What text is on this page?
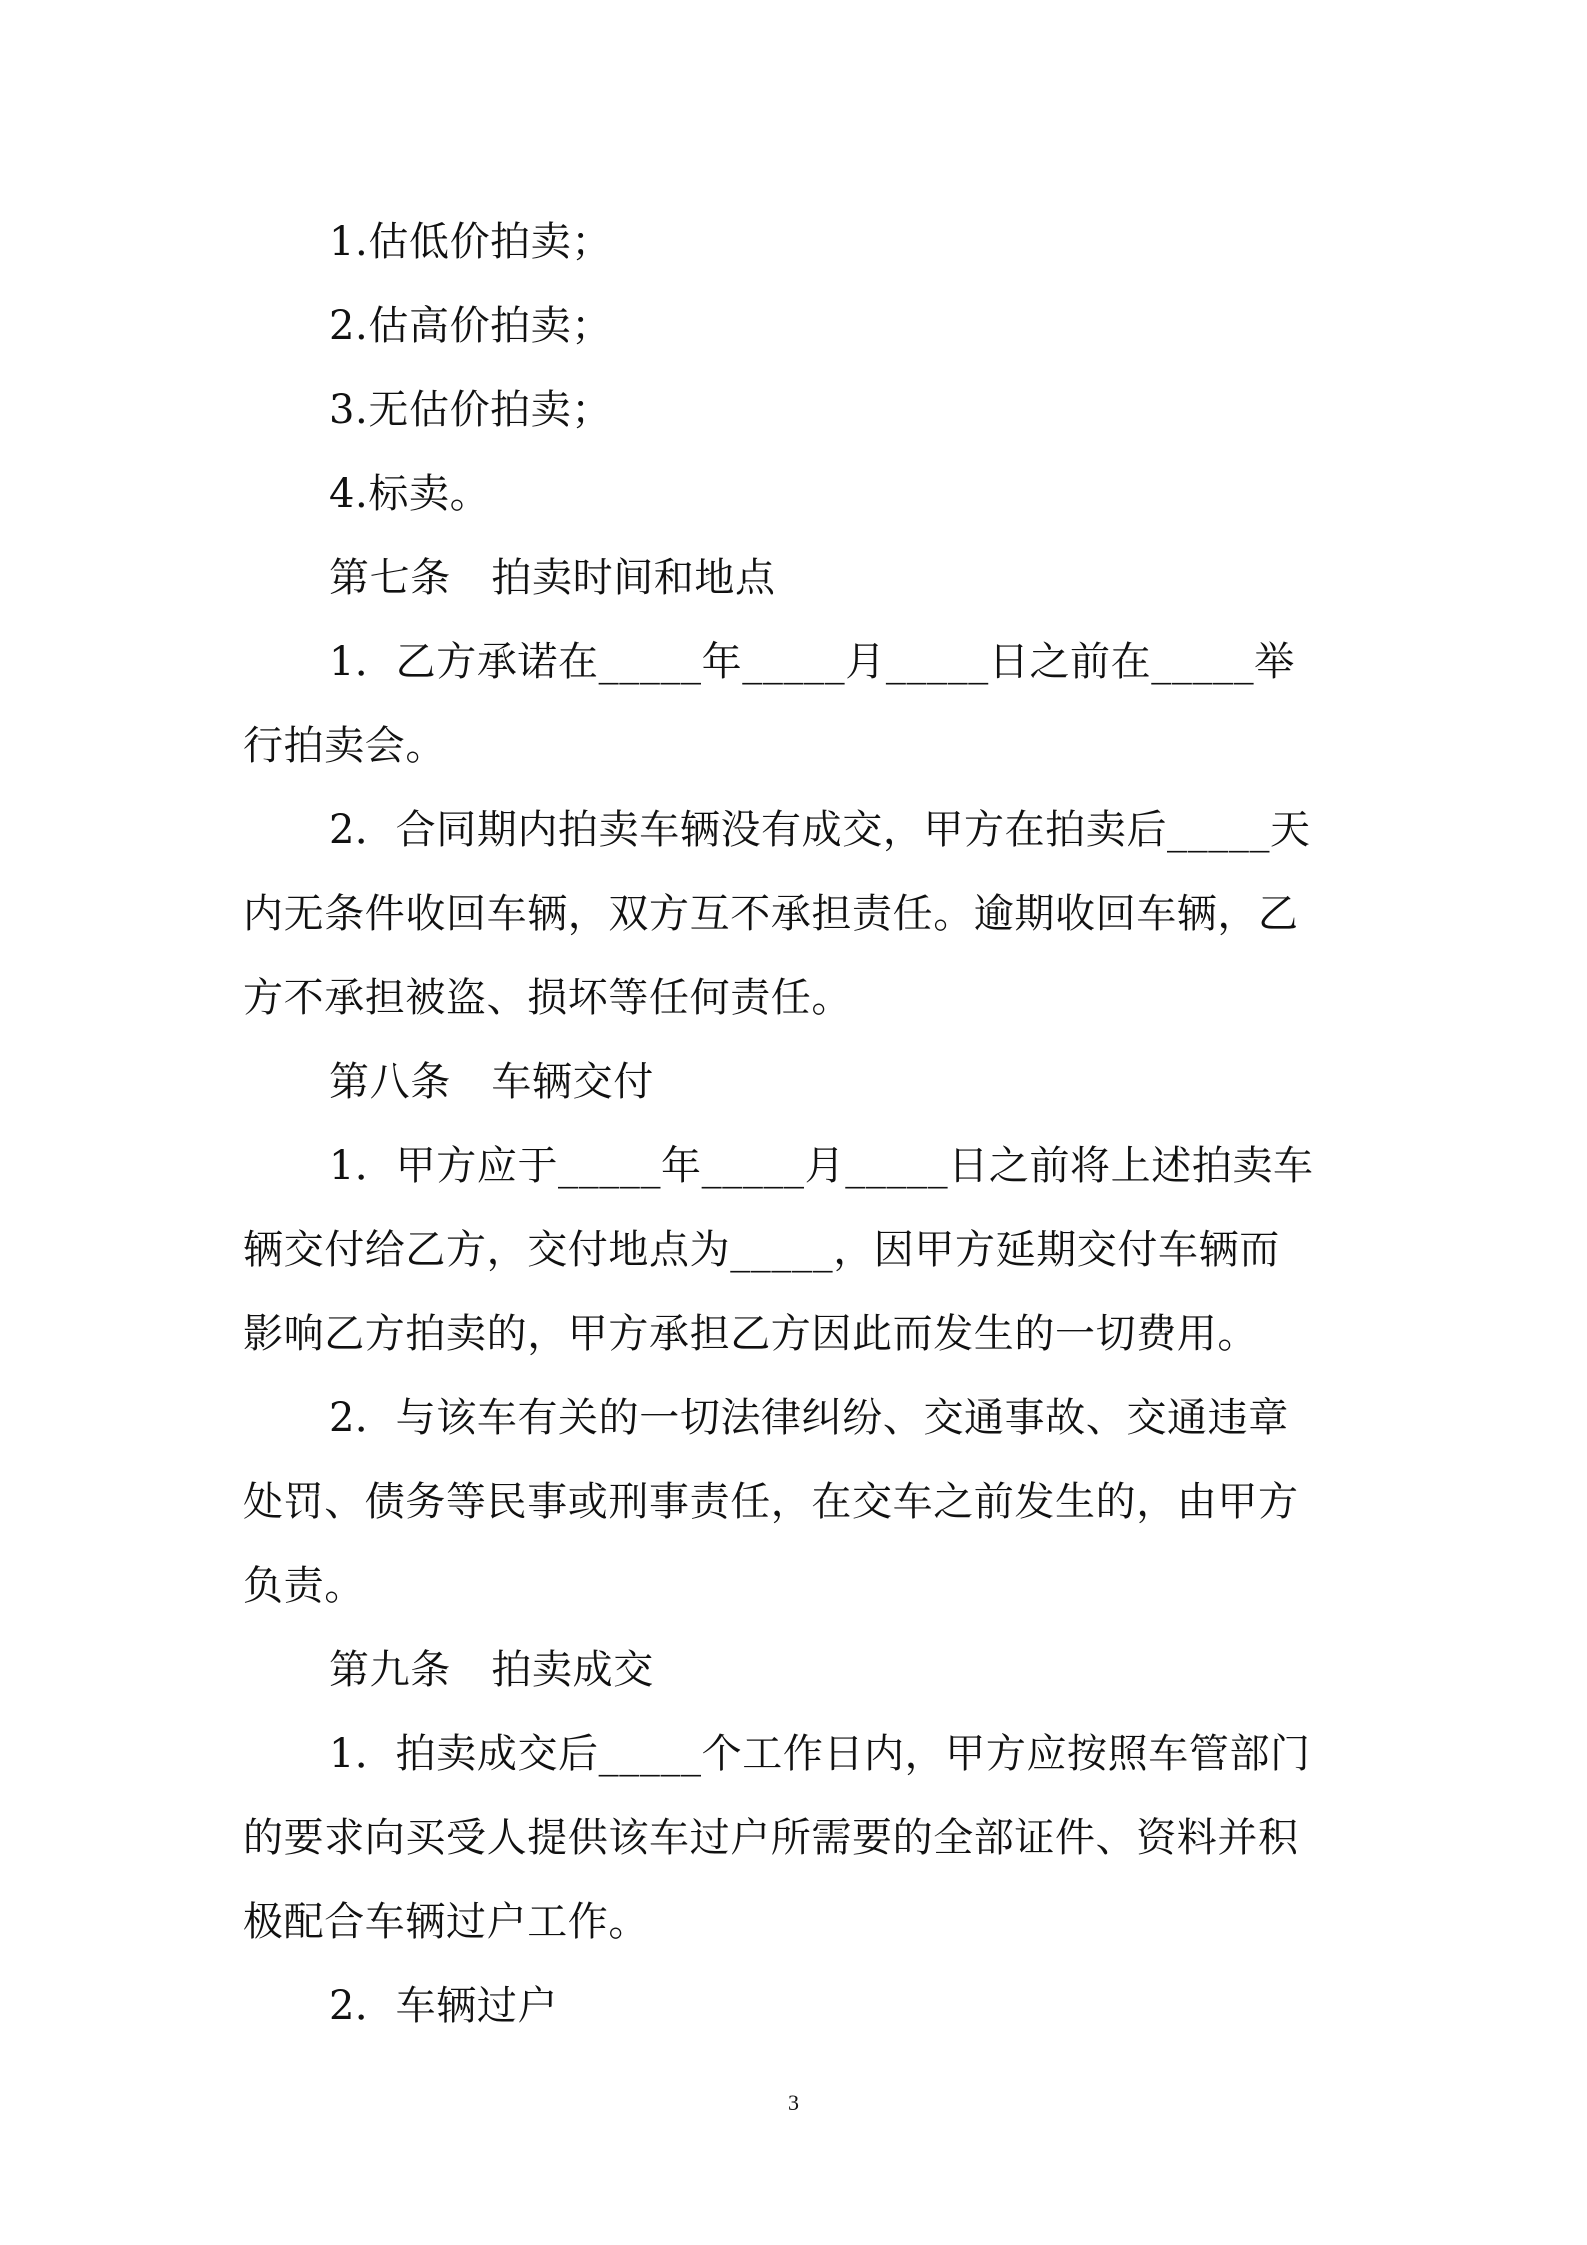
1.估低价拍卖；
2.估高价拍卖；
3.无估价拍卖；
4.标卖。
第七条　拍卖时间和地点
1．乙方承诺在_____年_____月_____日之前在_____举
行拍卖会。
2．合同期内拍卖车辆没有成交，甲方在拍卖后_____天
内无条件收回车辆，双方互不承担责任。逾期收回车辆，乙
方不承担被盗、损坏等任何责任。
第八条　车辆交付
1．甲方应于_____年_____月_____日之前将上述拍卖车
辆交付给乙方，交付地点为_____，因甲方延期交付车辆而
影响乙方拍卖的，甲方承担乙方因此而发生的一切费用。
2．与该车有关的一切法律纠纷、交通事故、交通违章
处罚、债务等民事或刑事责任，在交车之前发生的，由甲方
负责。
第九条　拍卖成交
1．拍卖成交后_____个工作日内，甲方应按照车管部门
的要求向买受人提供该车过户所需要的全部证件、资料并积
极配合车辆过户工作。
2．车辆过户
3
